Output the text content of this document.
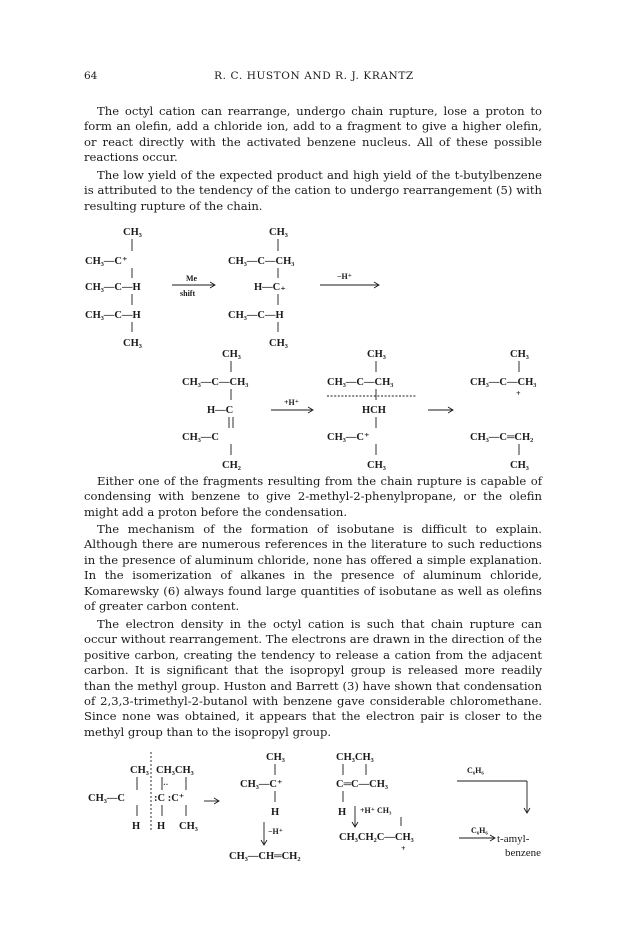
64	R. C. HUSTON AND R. J. KRANTZ

The octyl cation can rearrange, undergo chain rupture, lose a proton to form an olefin, add a chloride ion, add to a fragment to give a higher olefin, or react directly with the activated benzene nucleus. All of these possible reactions occur.

The low yield of the expected product and high yield of the t-butylbenzene is attributed to the tendency of the cation to undergo rearrangement (5) with resulting rupture of the chain.

Either one of the fragments resulting from the chain rupture is capable of condensing with benzene to give 2-methyl-2-phenylpropane, or the olefin might add a proton before the condensation.

The mechanism of the formation of isobutane is difficult to explain. Although there are numerous references in the literature to such reductions in the presence of aluminum chloride, none has offered a simple explanation. In the isomerization of alkanes in the presence of aluminum chloride, Komarewsky (6) always found large quantities of isobutane as well as olefins of greater carbon content.

The electron density in the octyl cation is such that chain rupture can occur without rearrangement. The electrons are drawn in the direction of the positive carbon, creating the tendency to release a cation from the adjacent carbon. It is significant that the isopropyl group is released more readily than the methyl group. Huston and Barrett (3) have shown that condensation of 2,3,3-trimethyl-2-butanol with benzene gave considerable chloromethane. Since none was obtained, it appears that the electron pair is closer to the methyl group than to the isopropyl group.

CH₃
CH₃—C⁺
CH₃—C—H
CH₃—C—H
CH₃
Me
shift
CH₃
CH₃—C—CH₃
H—C₊
CH₃—C—H
CH₃
−H⁺
CH₃
CH₃—C—CH₃
H—C
CH₃—C
CH₂
+H⁺
CH₃
CH₃—C—CH₃
HCH
CH₃—C⁺
CH₃
CH₃
CH₃—C—CH₃
+
CH₃—C═CH₂
CH₃
CH₃ CH₃CH₃
··
CH₃—C	:C :C⁺
H H CH₃
CH₃
CH₃—C⁺
H
−H⁺
CH₃—CH═CH₂
CH₃CH₃
C═C—CH₃
H +H⁺ CH₃
CH₃CH₂C—CH₃
+
C₆H₆
C₆H₆
t-amyl-
benzene
